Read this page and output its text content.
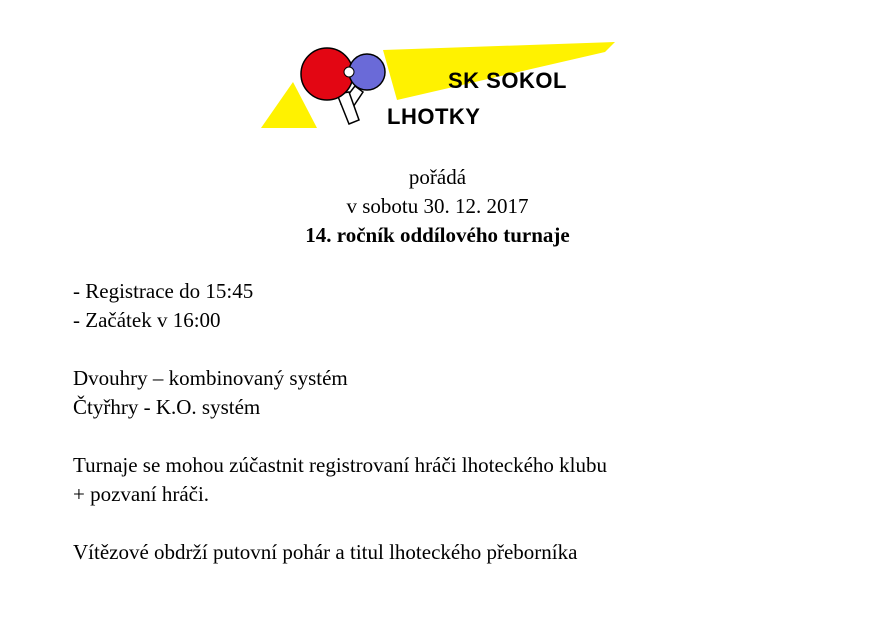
SK SOKOL
LHOTKY
pořádá
v sobotu 30. 12. 2017
14. ročník oddílového turnaje

- Registrace do 15:45

- Začátek v 16:00

Dvouhry – kombinovaný systém

Čtyřhry - K.O. systém

Turnaje se mohou zúčastnit registrovaní hráči lhoteckého klubu

+ pozvaní hráči.

Vítězové obdrží putovní pohár a titul lhoteckého přeborníka
